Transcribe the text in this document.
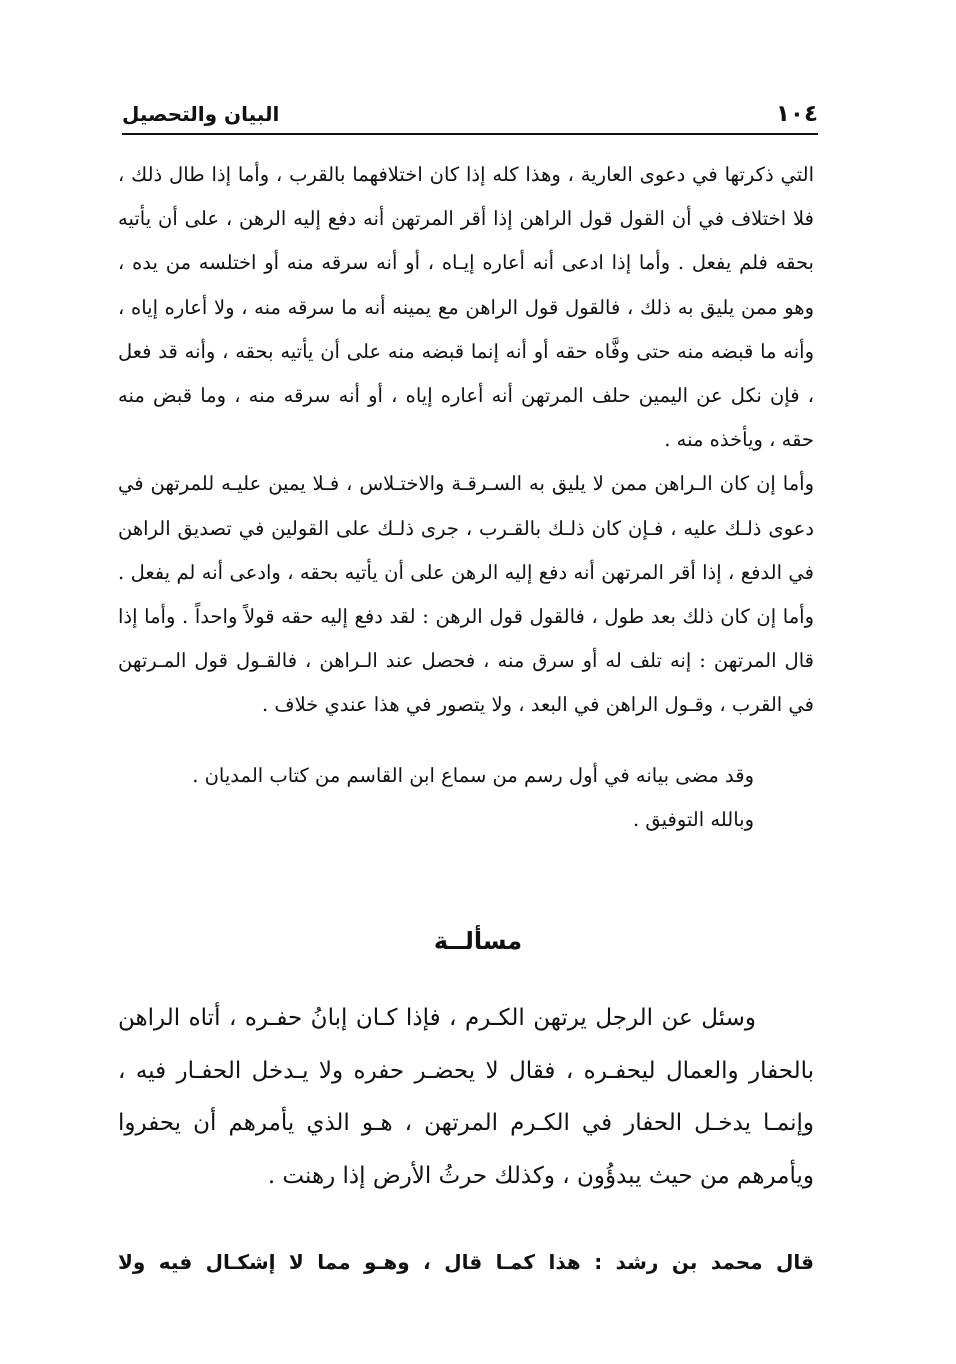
١٠٤
البيان والتحصيل

التي ذكرتها في دعوى العارية ، وهذا كله إذا كان اختلافهما بالقرب ، وأما إذا طال ذلك ، فلا اختلاف في أن القول قول الراهن إذا أقر المرتهن أنه دفع إليه الرهن ، على أن يأتيه بحقه فلم يفعل . وأما إذا ادعى أنه أعاره إيـاه ، أو أنه سرقه منه أو اختلسه من يده ، وهو ممن يليق به ذلك ، فالقول قول الراهن مع يمينه أنه ما سرقه منه ، ولا أعاره إياه ، وأنه ما قبضه منه حتى وفَّاه حقه أو أنه إنما قبضه منه على أن يأتيه بحقه ، وأنه قد فعل ، فإن نكل عن اليمين حلف المرتهن أنه أعاره إياه ، أو أنه سرقه منه ، وما قبض منه حقه ، ويأخذه منه .

وأما إن كان الـراهن ممن لا يليق به السـرقـة والاختـلاس ، فـلا يمين عليـه للمرتهن في دعوى ذلـك عليه ، فـإن كان ذلـك بالقـرب ، جرى ذلـك على القولين في تصديق الراهن في الدفع ، إذا أقر المرتهن أنه دفع إليه الرهن على أن يأتيه بحقه ، وادعى أنه لم يفعل . وأما إن كان ذلك بعد طول ، فالقول قول الرهن : لقد دفع إليه حقه قولاً واحداً . وأما إذا قال المرتهن : إنه تلف له أو سرق منه ، فحصل عند الـراهن ، فالقـول قول المـرتهن في القرب ، وقـول الراهن في البعد ، ولا يتصور في هذا عندي خلاف .

وقد مضى بيانه في أول رسم من سماع ابن القاسم من كتاب المديان .

وبالله التوفيق .

مسألــة

وسئل عن الرجل يرتهن الكـرم ، فإذا كـان إبانُ حفـره ، أتاه الراهن بالحفار والعمال ليحفـره ، فقال لا يحضـر حفره ولا يـدخل الحفـار فيه ، وإنمـا يدخـل الحفار في الكـرم المرتهن ، هـو الذي يأمرهم أن يحفروا ويأمرهم من حيث يبدؤُون ، وكذلك حرثُ الأرض إذا رهنت .

قال محمد بن رشد : هذا كمـا قال ، وهـو مما لا إشكـال فيه ولا
